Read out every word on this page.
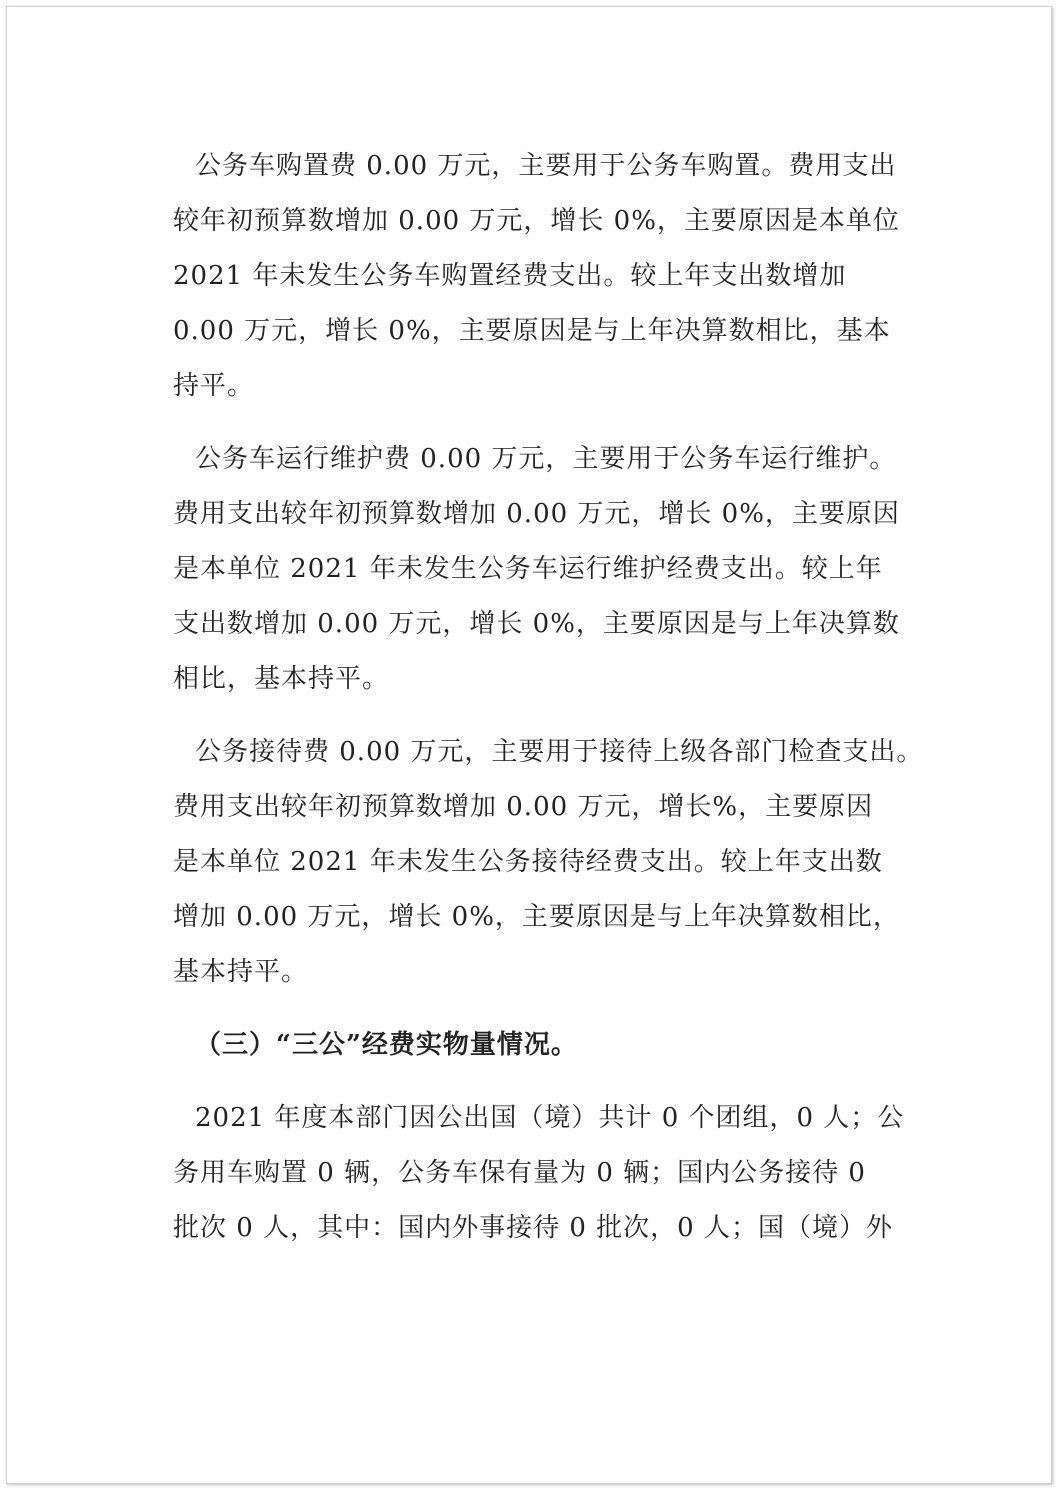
公务车购置费 0.00 万元，主要用于公务车购置。费用支出
较年初预算数增加 0.00 万元，增长 0%，主要原因是本单位
2021 年未发生公务车购置经费支出。较上年支出数增加
0.00 万元，增长 0%，主要原因是与上年决算数相比，基本
持平。
公务车运行维护费 0.00 万元，主要用于公务车运行维护。
费用支出较年初预算数增加 0.00 万元，增长 0%，主要原因
是本单位 2021 年未发生公务车运行维护经费支出。较上年
支出数增加 0.00 万元，增长 0%，主要原因是与上年决算数
相比，基本持平。
公务接待费 0.00 万元，主要用于接待上级各部门检查支出。
费用支出较年初预算数增加 0.00 万元，增长%，主要原因
是本单位 2021 年未发生公务接待经费支出。较上年支出数
增加 0.00 万元，增长 0%，主要原因是与上年决算数相比，
基本持平。
（三）“三公”经费实物量情况。
2021 年度本部门因公出国（境）共计 0 个团组，0 人；公
务用车购置 0 辆，公务车保有量为 0 辆；国内公务接待 0
批次 0 人，其中：国内外事接待 0 批次，0 人；国（境）外
